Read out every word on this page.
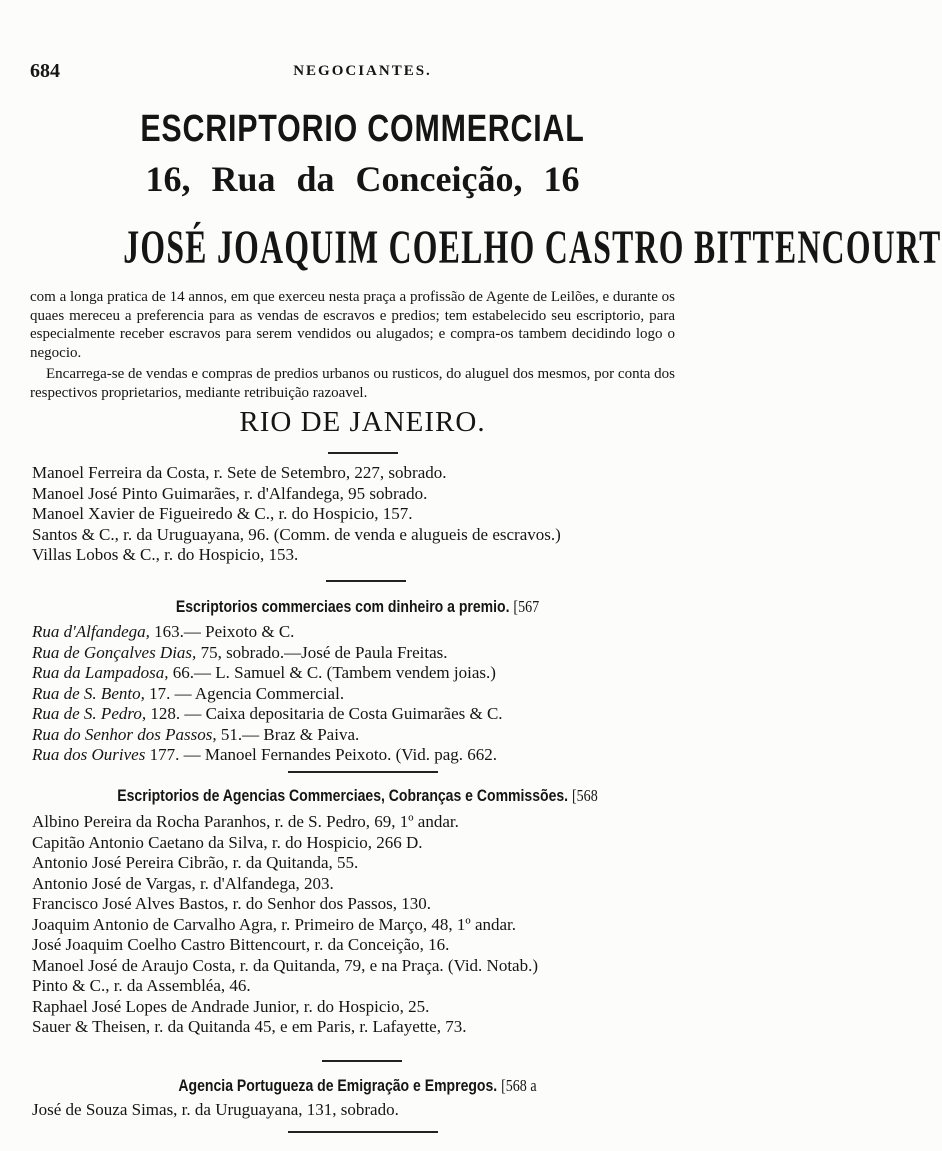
684	NEGOCIANTES.
ESCRIPTORIO COMMERCIAL
16, Rua da Conceição, 16
JOSÉ JOAQUIM COELHO CASTRO BITTENCOURT
com a longa pratica de 14 annos, em que exerceu nesta praça a profissão de Agente de Leilões, e durante os quaes mereceu a preferencia para as vendas de escravos e predios; tem estabelecido seu escriptorio, para especialmente receber escravos para serem vendidos ou alugados; e compra-os tambem decidindo logo o negocio.
Encarrega-se de vendas e compras de predios urbanos ou rusticos, do aluguel dos mesmos, por conta dos respectivos proprietarios, mediante retribuição razoavel.
RIO DE JANEIRO.
Manoel Ferreira da Costa, r. Sete de Setembro, 227, sobrado.
Manoel José Pinto Guimarães, r. d'Alfandega, 95 sobrado.
Manoel Xavier de Figueiredo & C., r. do Hospicio, 157.
Santos & C., r. da Uruguayana, 96. (Comm. de venda e alugueis de escravos.)
Villas Lobos & C., r. do Hospicio, 153.
Escriptorios commerciaes com dinheiro a premio. [567
Rua d'Alfandega, 163.— Peixoto & C.
Rua de Gonçalves Dias, 75, sobrado.—José de Paula Freitas.
Rua da Lampadosa, 66.— L. Samuel & C. (Tambem vendem joias.)
Rua de S. Bento, 17. — Agencia Commercial.
Rua de S. Pedro, 128. — Caixa depositaria de Costa Guimarães & C.
Rua do Senhor dos Passos, 51.— Braz & Paiva.
Rua dos Ourives 177. — Manoel Fernandes Peixoto. (Vid. pag. 662.
Escriptorios de Agencias Commerciaes, Cobranças e Commissões. [568
Albino Pereira da Rocha Paranhos, r. de S. Pedro, 69, 1º andar.
Capitão Antonio Caetano da Silva, r. do Hospicio, 266 D.
Antonio José Pereira Cibrão, r. da Quitanda, 55.
Antonio José de Vargas, r. d'Alfandega, 203.
Francisco José Alves Bastos, r. do Senhor dos Passos, 130.
Joaquim Antonio de Carvalho Agra, r. Primeiro de Março, 48, 1º andar.
José Joaquim Coelho Castro Bittencourt, r. da Conceição, 16.
Manoel José de Araujo Costa, r. da Quitanda, 79, e na Praça. (Vid. Notab.)
Pinto & C., r. da Assembléa, 46.
Raphael José Lopes de Andrade Junior, r. do Hospicio, 25.
Sauer & Theisen, r. da Quitanda 45, e em Paris, r. Lafayette, 73.
Agencia Portugueza de Emigração e Empregos. [568 a
José de Souza Simas, r. da Uruguayana, 131, sobrado.
